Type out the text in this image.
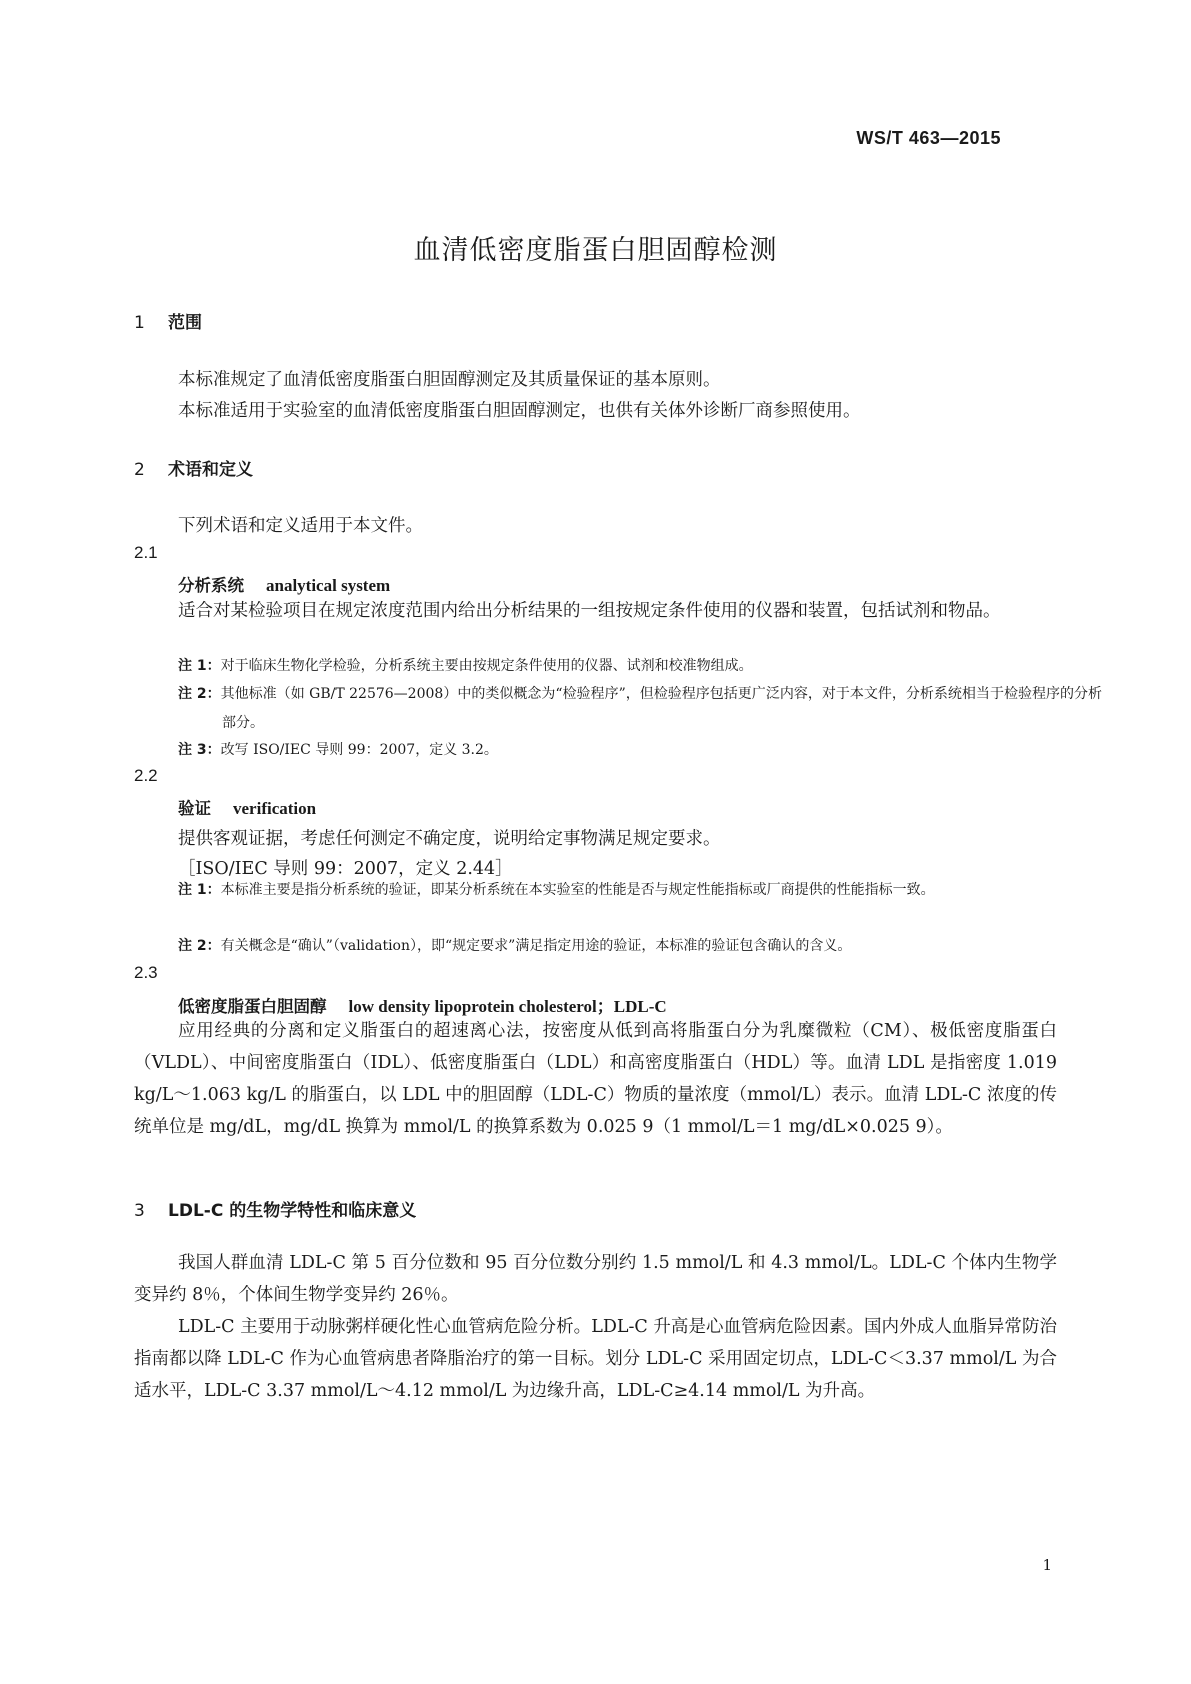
WS/T 463—2015
血清低密度脂蛋白胆固醇检测
1 范围
本标准规定了血清低密度脂蛋白胆固醇测定及其质量保证的基本原则。
本标准适用于实验室的血清低密度脂蛋白胆固醇测定，也供有关体外诊断厂商参照使用。
2 术语和定义
下列术语和定义适用于本文件。
2.1
分析系统 analytical system
适合对某检验项目在规定浓度范围内给出分析结果的一组按规定条件使用的仪器和装置，包括试剂和物品。
注 1：对于临床生物化学检验，分析系统主要由按规定条件使用的仪器、试剂和校准物组成。
注 2：其他标准（如 GB/T 22576—2008）中的类似概念为“检验程序”，但检验程序包括更广泛内容，对于本文件，分析系统相当于检验程序的分析部分。
注 3：改写 ISO/IEC 导则 99：2007，定义 3.2。
2.2
验证 verification
提供客观证据，考虑任何测定不确定度，说明给定事物满足规定要求。
［ISO/IEC 导则 99：2007，定义 2.44］
注 1：本标准主要是指分析系统的验证，即某分析系统在本实验室的性能是否与规定性能指标或厂商提供的性能指标一致。
注 2：有关概念是“确认”（validation），即“规定要求”满足指定用途的验证，本标准的验证包含确认的含义。
2.3
低密度脂蛋白胆固醇 low density lipoprotein cholesterol；LDL-C
应用经典的分离和定义脂蛋白的超速离心法，按密度从低到高将脂蛋白分为乳糜微粒（CM）、极低密度脂蛋白（VLDL）、中间密度脂蛋白（IDL）、低密度脂蛋白（LDL）和高密度脂蛋白（HDL）等。血清 LDL 是指密度 1.019 kg/L～1.063 kg/L 的脂蛋白，以 LDL 中的胆固醇（LDL-C）物质的量浓度（mmol/L）表示。血清 LDL-C 浓度的传统单位是 mg/dL，mg/dL 换算为 mmol/L 的换算系数为 0.025 9（1 mmol/L＝1 mg/dL×0.025 9）。
3 LDL-C 的生物学特性和临床意义
我国人群血清 LDL-C 第 5 百分位数和 95 百分位数分别约 1.5 mmol/L 和 4.3 mmol/L。LDL-C 个体内生物学变异约 8％，个体间生物学变异约 26％。
LDL-C 主要用于动脉粥样硬化性心血管病危险分析。LDL-C 升高是心血管病危险因素。国内外成人血脂异常防治指南都以降 LDL-C 作为心血管病患者降脂治疗的第一目标。划分 LDL-C 采用固定切点，LDL-C＜3.37 mmol/L 为合适水平，LDL-C 3.37 mmol/L～4.12 mmol/L 为边缘升高，LDL-C≥4.14 mmol/L 为升高。
1
